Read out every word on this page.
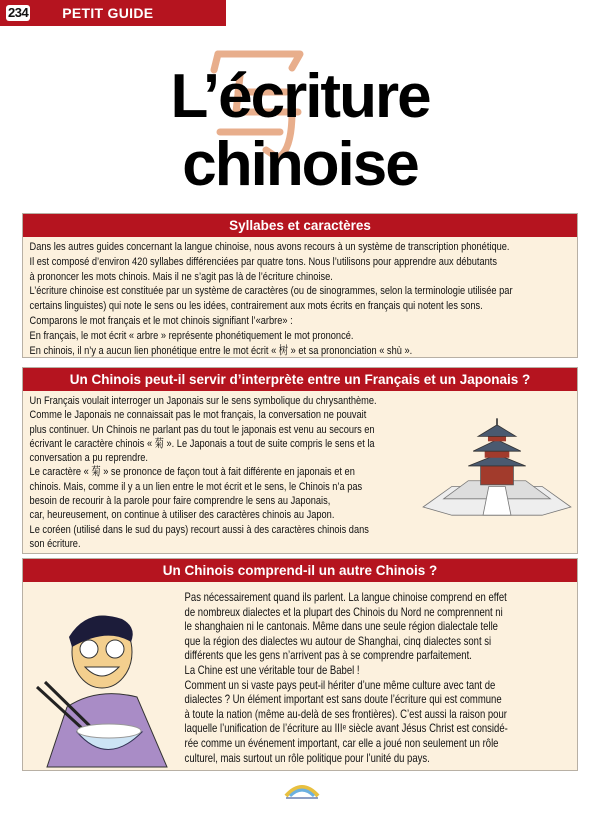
234 PETIT GUIDE
L’écriture
chinoise
Syllabes et caractères

Dans les autres guides concernant la langue chinoise, nous avons recours à un système de transcription phonétique.

Il est composé d’environ 420 syllabes différenciées par quatre tons. Nous l’utilisons pour apprendre aux débutants

à prononcer les mots chinois. Mais il ne s’agit pas là de l’écriture chinoise.

L’écriture chinoise est constituée par un système de caractères (ou de sinogrammes, selon la terminologie utilisée par

certains linguistes) qui note le sens ou les idées, contrairement aux mots écrits en français qui notent les sons.

Comparons le mot français et le mot chinois signifiant l’«arbre» :

En français, le mot écrit « arbre » représente phonétiquement le mot prononcé.

En chinois, il n’y a aucun lien phonétique entre le mot écrit « 树 » et sa prononciation « shù ».

Un Chinois peut-il servir d’interprète entre un Français et un Japonais ?

Un Français voulait interroger un Japonais sur le sens symbolique du chrysanthème.

Comme le Japonais ne connaissait pas le mot français, la conversation ne pouvait

plus continuer. Un Chinois ne parlant pas du tout le japonais est venu au secours en

écrivant le caractère chinois « 菊 ». Le Japonais a tout de suite compris le sens et la

conversation a pu reprendre.

Le caractère « 菊 » se prononce de façon tout à fait différente en japonais et en

chinois. Mais, comme il y a un lien entre le mot écrit et le sens, le Chinois n’a pas

besoin de recourir à la parole pour faire comprendre le sens au Japonais,

car, heureusement, on continue à utiliser des caractères chinois au Japon.

Le coréen (utilisé dans le sud du pays) recourt aussi à des caractères chinois dans

son écriture.

Un Chinois comprend-il un autre Chinois ?

Pas nécessairement quand ils parlent. La langue chinoise comprend en effet

de nombreux dialectes et la plupart des Chinois du Nord ne comprennent ni

le shanghaien ni le cantonais. Même dans une seule région dialectale telle

que la région des dialectes wu autour de Shanghai, cinq dialectes sont si

différents que les gens n’arrivent pas à se comprendre parfaitement.

La Chine est une véritable tour de Babel !

Comment un si vaste pays peut-il hériter d’une même culture avec tant de

dialectes ? Un élément important est sans doute l’écriture qui est commune

à toute la nation (même au-delà de ses frontières). C’est aussi la raison pour

laquelle l’unification de l’écriture au IIIᵉ siècle avant Jésus Christ est considé-

rée comme un événement important, car elle a joué non seulement un rôle

culturel, mais surtout un rôle politique pour l’unité du pays.
